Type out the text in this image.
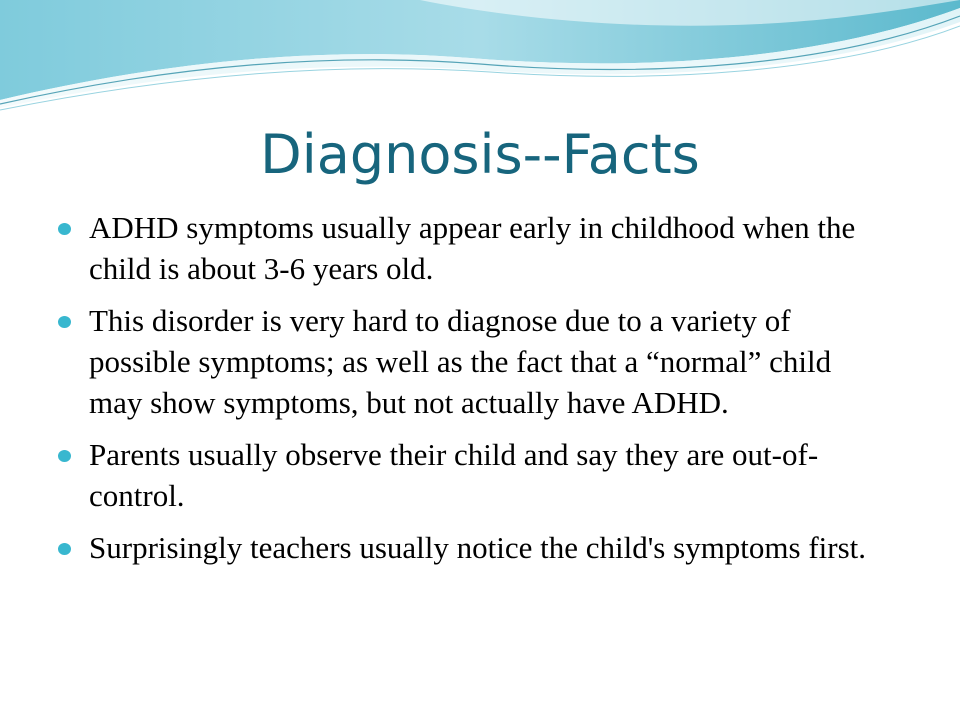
Diagnosis--Facts
ADHD symptoms usually appear early in childhood when the child is about 3-6 years old.
This disorder is very hard to diagnose due to a variety of possible symptoms; as well as the fact that a “normal” child may show symptoms, but not actually have ADHD.
Parents usually observe their child and say they are out-of-control.
Surprisingly teachers usually notice the child's symptoms first.
